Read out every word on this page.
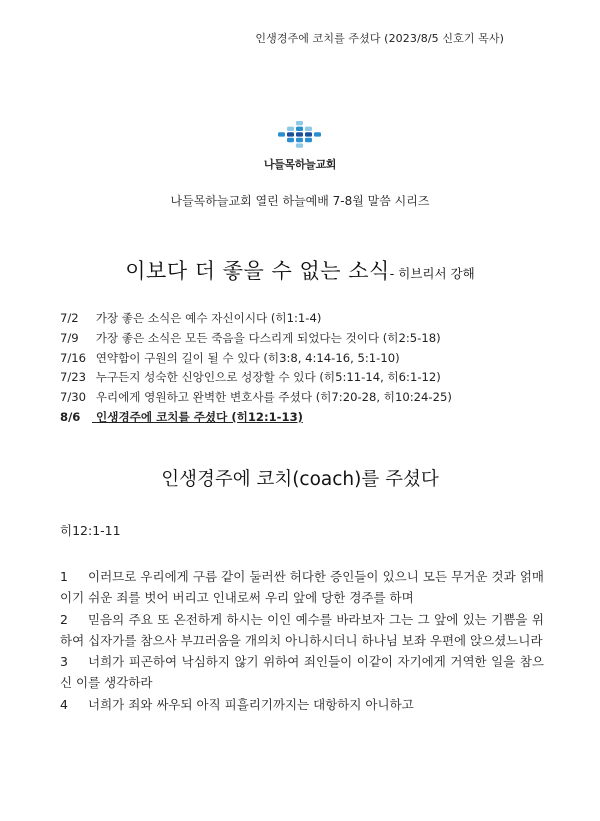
인생경주에 코치를 주셨다 (2023/8/5 신호기 목사)
나들목하늘교회
나들목하늘교회 열린 하늘예배 7-8월 말씀 시리즈
이보다 더 좋을 수 없는 소식- 히브리서 강해
7/2 가장 좋은 소식은 예수 자신이시다 (히1:1-4)
7/9 가장 좋은 소식은 모든 죽음을 다스리게 되었다는 것이다 (히2:5-18)
7/16 연약함이 구원의 길이 될 수 있다 (히3:8, 4:14-16, 5:1-10)
7/23 누구든지 성숙한 신앙인으로 성장할 수 있다 (히5:11-14, 히6:1-12)
7/30 우리에게 영원하고 완벽한 변호사를 주셨다 (히7:20-28, 히10:24-25)
8/6 인생경주에 코치를 주셨다 (히12:1-13)
인생경주에 코치(coach)를 주셨다
히12:1-11
1 이러므로 우리에게 구름 같이 둘러싼 허다한 증인들이 있으니 모든 무거운 것과 얽매이기 쉬운 죄를 벗어 버리고 인내로써 우리 앞에 당한 경주를 하며
2 믿음의 주요 또 온전하게 하시는 이인 예수를 바라보자 그는 그 앞에 있는 기쁨을 위하여 십자가를 참으사 부끄러움을 개의치 아니하시더니 하나님 보좌 우편에 앉으셨느니라
3 너희가 피곤하여 낙심하지 않기 위하여 죄인들이 이같이 자기에게 거역한 일을 참으신 이를 생각하라
4 너희가 죄와 싸우되 아직 피흘리기까지는 대항하지 아니하고
